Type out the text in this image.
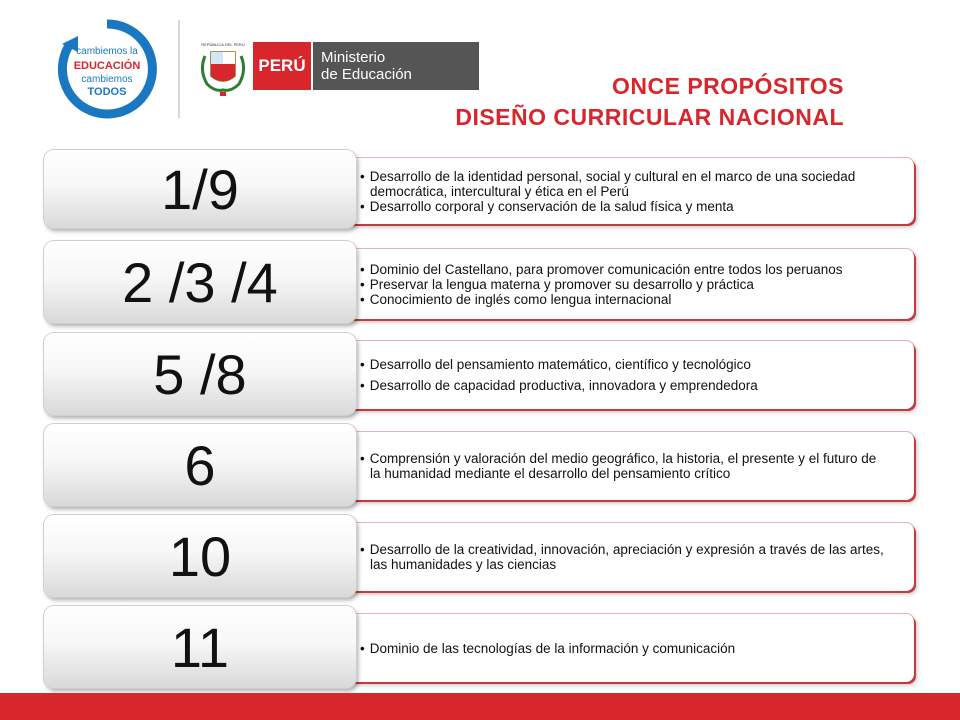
cambiemos la
EDUCACIÓN
cambiemos
TODOS
REPÚBLICA DEL PERÚ
PERÚ	Ministerio
de Educación	ONCE PROPÓSITOS
DISEÑO CURRICULAR NACIONAL

• Desarrollo de la identidad personal, social y cultural en el marco de una sociedad democrática, intercultural y ética en el Perú

• Desarrollo corporal y conservación de la salud física y menta

1/9

• Dominio del Castellano, para promover comunicación entre todos los peruanos

• Preservar la lengua materna y promover su desarrollo y práctica

• Conocimiento de inglés como lengua internacional

2 /3 /4

• Desarrollo del pensamiento matemático, científico y tecnológico

• Desarrollo de capacidad productiva, innovadora y emprendedora

5 /8

• Comprensión y valoración del medio geográfico, la historia, el presente y el futuro de la humanidad mediante el desarrollo del pensamiento crítico

6

• Desarrollo de la creatividad, innovación, apreciación y expresión a través de las artes, las humanidades y las ciencias

10

• Dominio de las tecnologías de la información y comunicación

11
